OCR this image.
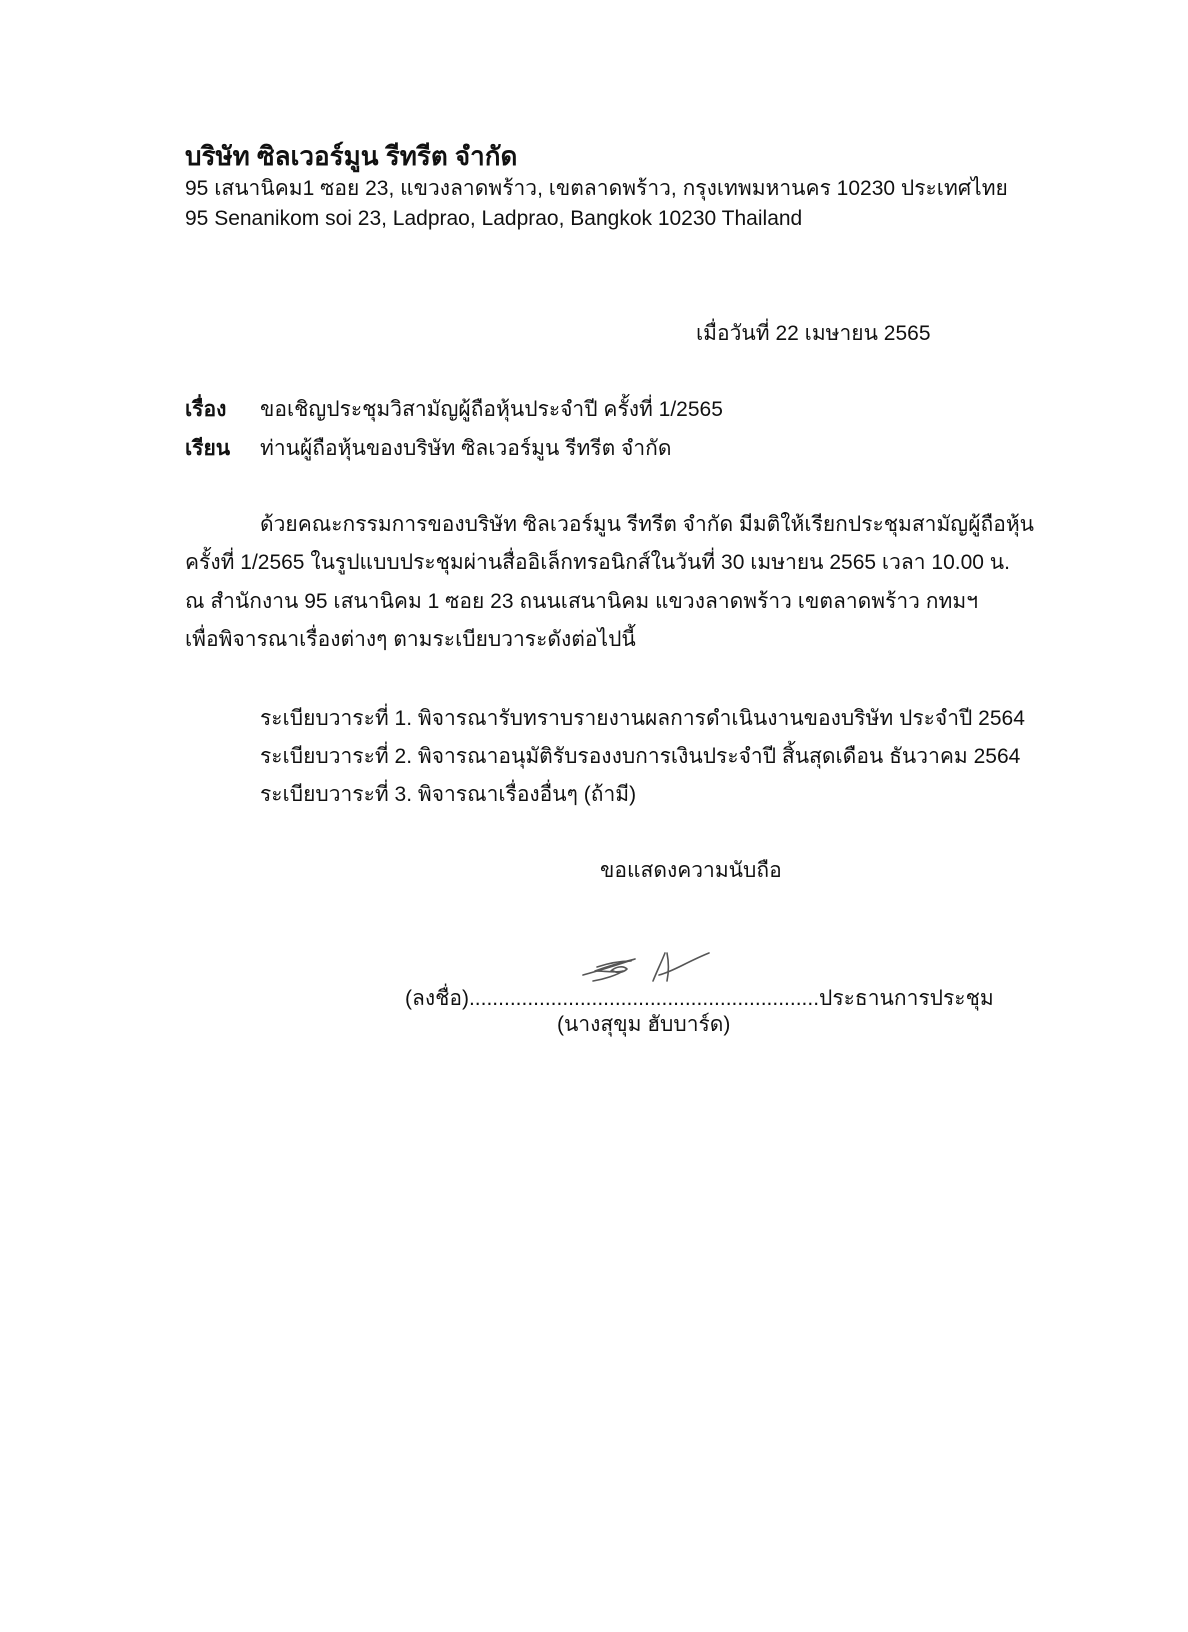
บริษัท ซิลเวอร์มูน รีทรีต จำกัด
95 เสนานิคม1 ซอย 23, แขวงลาดพร้าว, เขตลาดพร้าว, กรุงเทพมหานคร 10230 ประเทศไทย
95 Senanikom soi 23, Ladprao, Ladprao, Bangkok 10230 Thailand
เมื่อวันที่ 22 เมษายน 2565
เรื่อง ขอเชิญประชุมวิสามัญผู้ถือหุ้นประจำปี ครั้งที่ 1/2565
เรียน ท่านผู้ถือหุ้นของบริษัท ซิลเวอร์มูน รีทรีต จำกัด
ด้วยคณะกรรมการของบริษัท ซิลเวอร์มูน รีทรีต จำกัด มีมติให้เรียกประชุมสามัญผู้ถือหุ้น
ครั้งที่ 1/2565 ในรูปแบบประชุมผ่านสื่ออิเล็กทรอนิกส์ในวันที่ 30 เมษายน 2565 เวลา 10.00 น.
ณ สำนักงาน 95 เสนานิคม 1 ซอย 23 ถนนเสนานิคม แขวงลาดพร้าว เขตลาดพร้าว กทมฯ
เพื่อพิจารณาเรื่องต่างๆ ตามระเบียบวาระดังต่อไปนี้
ระเบียบวาระที่ 1. พิจารณารับทราบรายงานผลการดำเนินงานของบริษัท ประจำปี 2564
ระเบียบวาระที่ 2. พิจารณาอนุมัติรับรองงบการเงินประจำปี สิ้นสุดเดือน ธันวาคม 2564
ระเบียบวาระที่ 3. พิจารณาเรื่องอื่นๆ (ถ้ามี)
ขอแสดงความนับถือ
(ลงชื่อ)............................................................ประธานการประชุม
(นางสุขุม ฮับบาร์ด)
